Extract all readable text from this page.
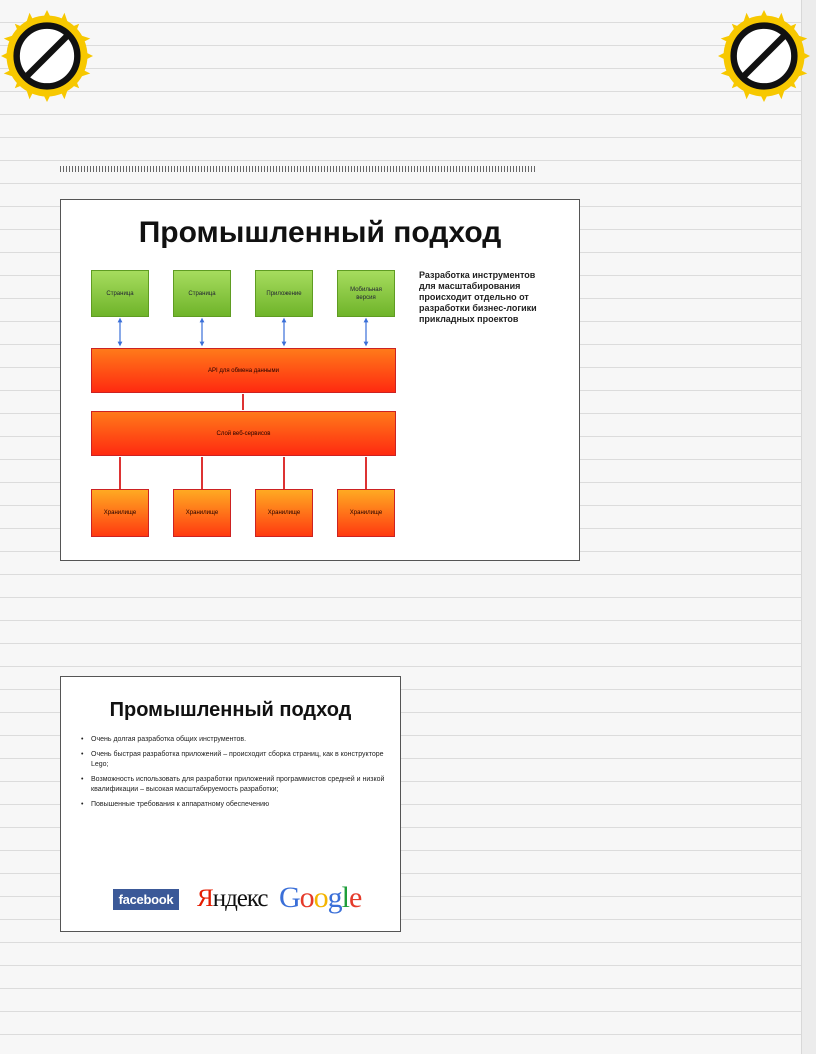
Промышленный подход
Страница	Страница	Приложение
Мобильная версия
API для обмена данными
Слой веб-сервисов
Хранилище	Хранилище	Хранилище	Хранилище
Разработка инструментов для масштабирования происходит отдельно от разработки бизнес-логики прикладных проектов
Промышленный подход
• Очень долгая разработка общих инструментов.
• Очень быстрая разработка приложений – происходит сборка страниц, как в конструкторе Lego;
• Возможность использовать для разработки приложений программистов средней и низкой квалификации – высокая масштабируемость разработки;
• Повышенные требования к аппаратному обеспечению
facebook Яндекс Google
